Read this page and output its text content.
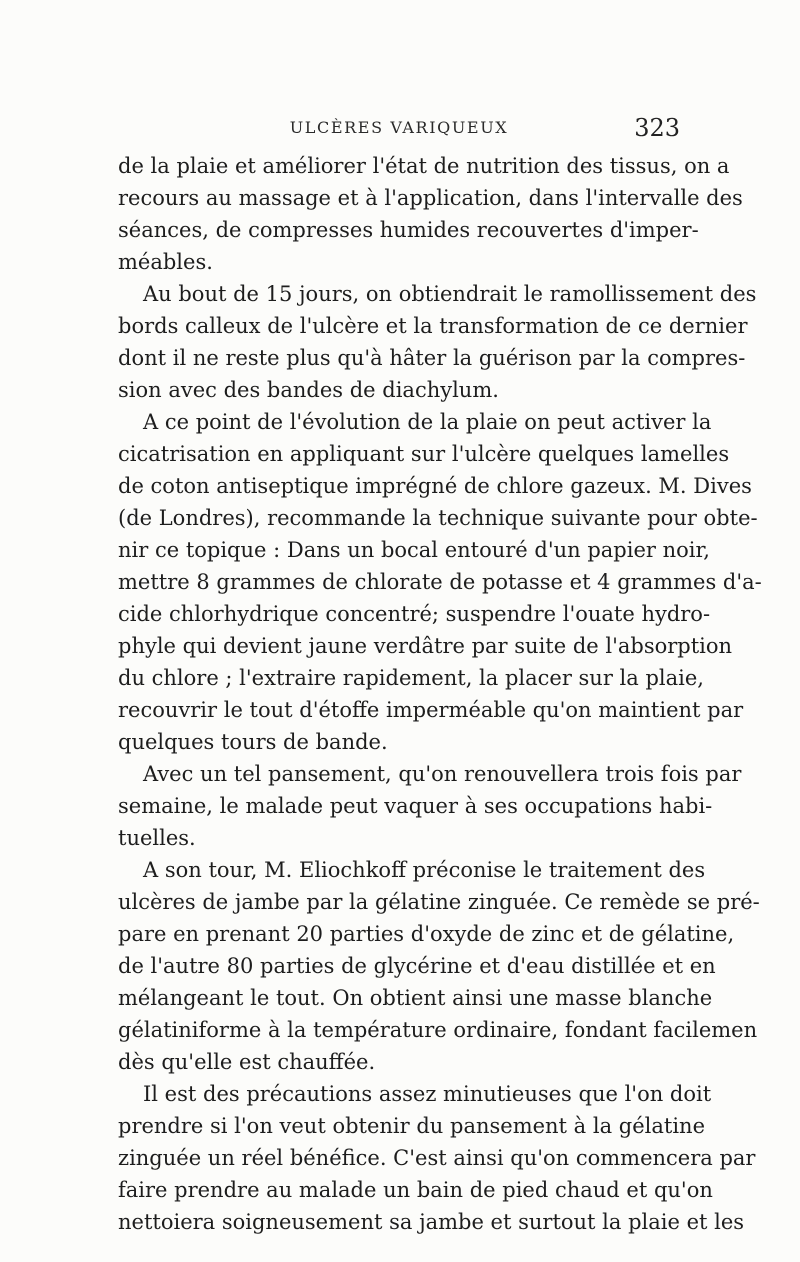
ULCÈRES VARIQUEUX	323
de la plaie et améliorer l'état de nutrition des tissus, on a
recours au massage et à l'application, dans l'intervalle des
séances, de compresses humides recouvertes d'imper-
méables.
Au bout de 15 jours, on obtiendrait le ramollissement des
bords calleux de l'ulcère et la transformation de ce dernier
dont il ne reste plus qu'à hâter la guérison par la compres-
sion avec des bandes de diachylum.
A ce point de l'évolution de la plaie on peut activer la
cicatrisation en appliquant sur l'ulcère quelques lamelles
de coton antiseptique imprégné de chlore gazeux. M. Dives
(de Londres), recommande la technique suivante pour obte-
nir ce topique : Dans un bocal entouré d'un papier noir,
mettre 8 grammes de chlorate de potasse et 4 grammes d'a-
cide chlorhydrique concentré; suspendre l'ouate hydro-
phyle qui devient jaune verdâtre par suite de l'absorption
du chlore ; l'extraire rapidement, la placer sur la plaie,
recouvrir le tout d'étoffe imperméable qu'on maintient par
quelques tours de bande.
Avec un tel pansement, qu'on renouvellera trois fois par
semaine, le malade peut vaquer à ses occupations habi-
tuelles.
A son tour, M. Eliochkoff préconise le traitement des
ulcères de jambe par la gélatine zinguée. Ce remède se pré-
pare en prenant 20 parties d'oxyde de zinc et de gélatine,
de l'autre 80 parties de glycérine et d'eau distillée et en
mélangeant le tout. On obtient ainsi une masse blanche
gélatiniforme à la température ordinaire, fondant facilemen
dès qu'elle est chauffée.
Il est des précautions assez minutieuses que l'on doit
prendre si l'on veut obtenir du pansement à la gélatine
zinguée un réel bénéfice. C'est ainsi qu'on commencera par
faire prendre au malade un bain de pied chaud et qu'on
nettoiera soigneusement sa jambe et surtout la plaie et les
